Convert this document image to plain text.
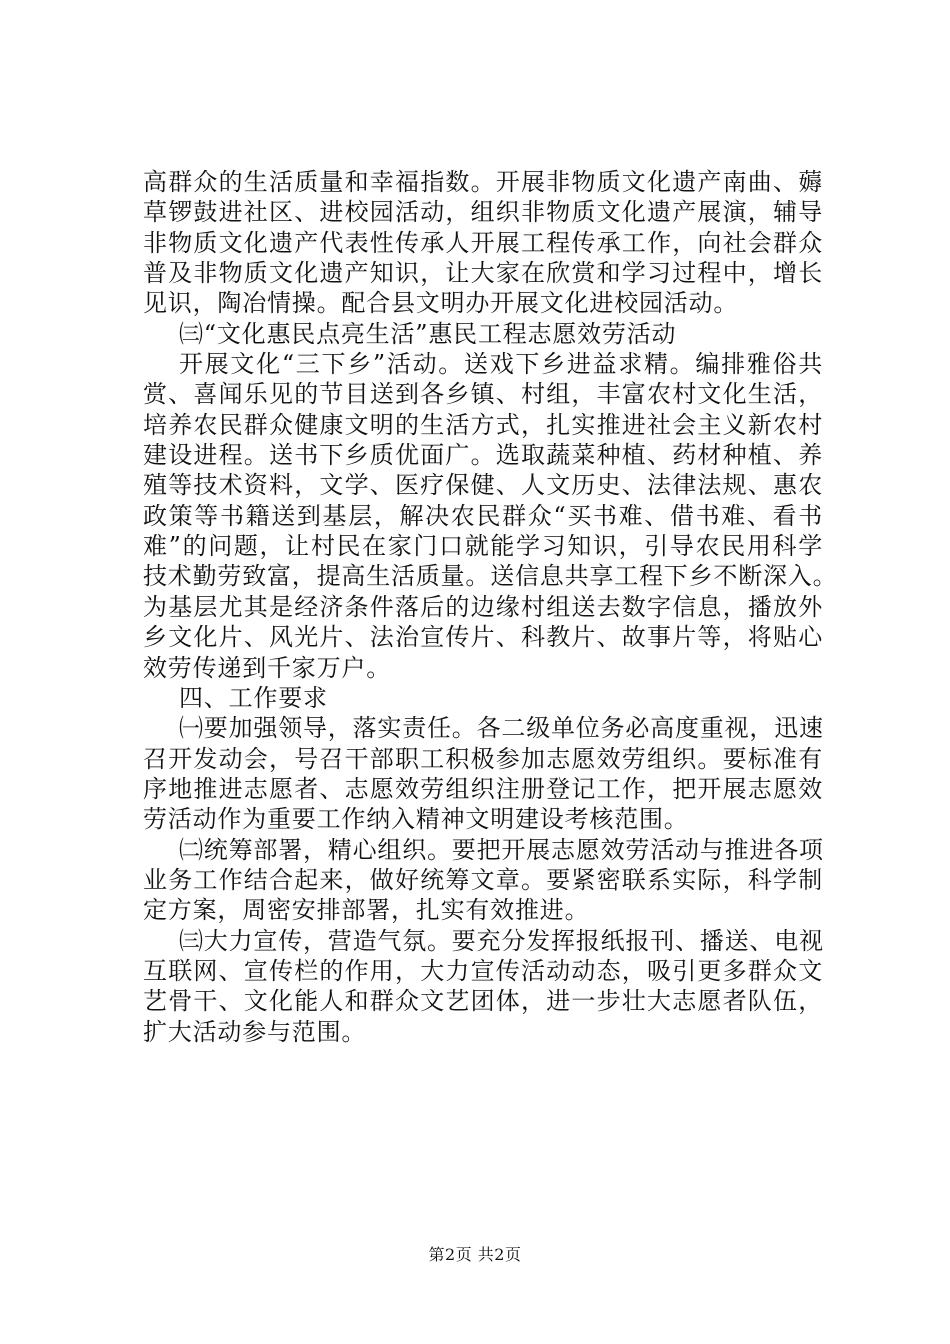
高群众的生活质量和幸福指数。开展非物质文化遗产南曲、薅
草锣鼓进社区、进校园活动，组织非物质文化遗产展演，辅导
非物质文化遗产代表性传承人开展工程传承工作，向社会群众
普及非物质文化遗产知识，让大家在欣赏和学习过程中，增长
见识，陶冶情操。配合县文明办开展文化进校园活动。
㈢“文化惠民点亮生活”惠民工程志愿效劳活动
开展文化“三下乡”活动。送戏下乡进益求精。编排雅俗共
赏、喜闻乐见的节目送到各乡镇、村组，丰富农村文化生活，
培养农民群众健康文明的生活方式，扎实推进社会主义新农村
建设进程。送书下乡质优面广。选取蔬菜种植、药材种植、养
殖等技术资料，文学、医疗保健、人文历史、法律法规、惠农
政策等书籍送到基层，解决农民群众“买书难、借书难、看书
难”的问题，让村民在家门口就能学习知识，引导农民用科学
技术勤劳致富，提高生活质量。送信息共享工程下乡不断深入。
为基层尤其是经济条件落后的边缘村组送去数字信息，播放外
乡文化片、风光片、法治宣传片、科教片、故事片等，将贴心
效劳传递到千家万户。
四、工作要求
㈠要加强领导，落实责任。各二级单位务必高度重视，迅速
召开发动会，号召干部职工积极参加志愿效劳组织。要标准有
序地推进志愿者、志愿效劳组织注册登记工作，把开展志愿效
劳活动作为重要工作纳入精神文明建设考核范围。
㈡统筹部署，精心组织。要把开展志愿效劳活动与推进各项
业务工作结合起来，做好统筹文章。要紧密联系实际，科学制
定方案，周密安排部署，扎实有效推进。
㈢大力宣传，营造气氛。要充分发挥报纸报刊、播送、电视
互联网、宣传栏的作用，大力宣传活动动态，吸引更多群众文
艺骨干、文化能人和群众文艺团体，进一步壮大志愿者队伍，
扩大活动参与范围。
第2页 共2页
